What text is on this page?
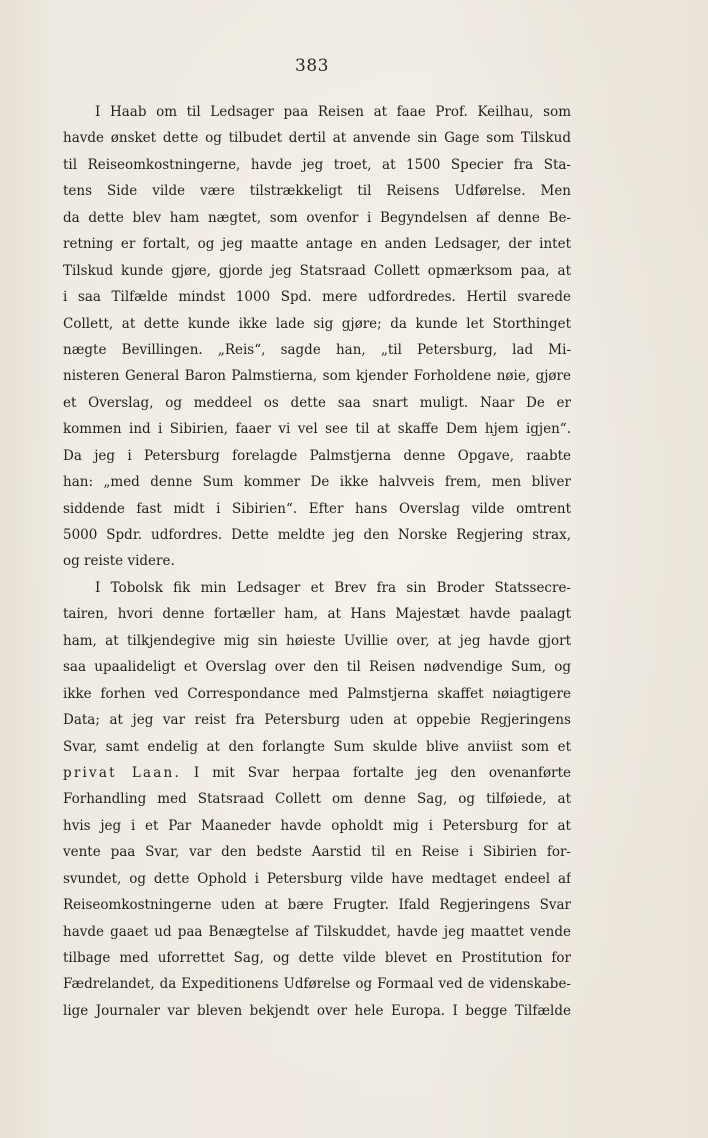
383
I Haab om til Ledsager paa Reisen at faae Prof. Keilhau, som
havde ønsket dette og tilbudet dertil at anvende sin Gage som Tilskud
til Reiseomkostningerne, havde jeg troet, at 1500 Specier fra Sta-
tens Side vilde være tilstrækkeligt til Reisens Udførelse. Men
da dette blev ham nægtet, som ovenfor i Begyndelsen af denne Be-
retning er fortalt, og jeg maatte antage en anden Ledsager, der intet
Tilskud kunde gjøre, gjorde jeg Statsraad Collett opmærksom paa, at
i saa Tilfælde mindst 1000 Spd. mere udfordredes. Hertil svarede
Collett, at dette kunde ikke lade sig gjøre; da kunde let Storthinget
nægte Bevillingen. „Reis“, sagde han, „til Petersburg, lad Mi-
nisteren General Baron Palmstierna, som kjender Forholdene nøie, gjøre
et Overslag, og meddeel os dette saa snart muligt. Naar De er
kommen ind i Sibirien, faaer vi vel see til at skaffe Dem hjem igjen“.
Da jeg i Petersburg forelagde Palmstjerna denne Opgave, raabte
han: „med denne Sum kommer De ikke halvveis frem, men bliver
siddende fast midt i Sibirien“. Efter hans Overslag vilde omtrent
5000 Spdr. udfordres. Dette meldte jeg den Norske Regjering strax,
og reiste videre.
I Tobolsk fik min Ledsager et Brev fra sin Broder Statssecre-
tairen, hvori denne fortæller ham, at Hans Majestæt havde paalagt
ham, at tilkjendegive mig sin høieste Uvillie over, at jeg havde gjort
saa upaalideligt et Overslag over den til Reisen nødvendige Sum, og
ikke forhen ved Correspondance med Palmstjerna skaffet nøiagtigere
Data; at jeg var reist fra Petersburg uden at oppebie Regjeringens
Svar, samt endelig at den forlangte Sum skulde blive anviist som et
privat Laan. I mit Svar herpaa fortalte jeg den ovenanførte
Forhandling med Statsraad Collett om denne Sag, og tilføiede, at
hvis jeg i et Par Maaneder havde opholdt mig i Petersburg for at
vente paa Svar, var den bedste Aarstid til en Reise i Sibirien for-
svundet, og dette Ophold i Petersburg vilde have medtaget endeel af
Reiseomkostningerne uden at bære Frugter. Ifald Regjeringens Svar
havde gaaet ud paa Benægtelse af Tilskuddet, havde jeg maattet vende
tilbage med uforrettet Sag, og dette vilde blevet en Prostitution for
Fædrelandet, da Expeditionens Udførelse og Formaal ved de videnskabe-
lige Journaler var bleven bekjendt over hele Europa. I begge Tilfælde
